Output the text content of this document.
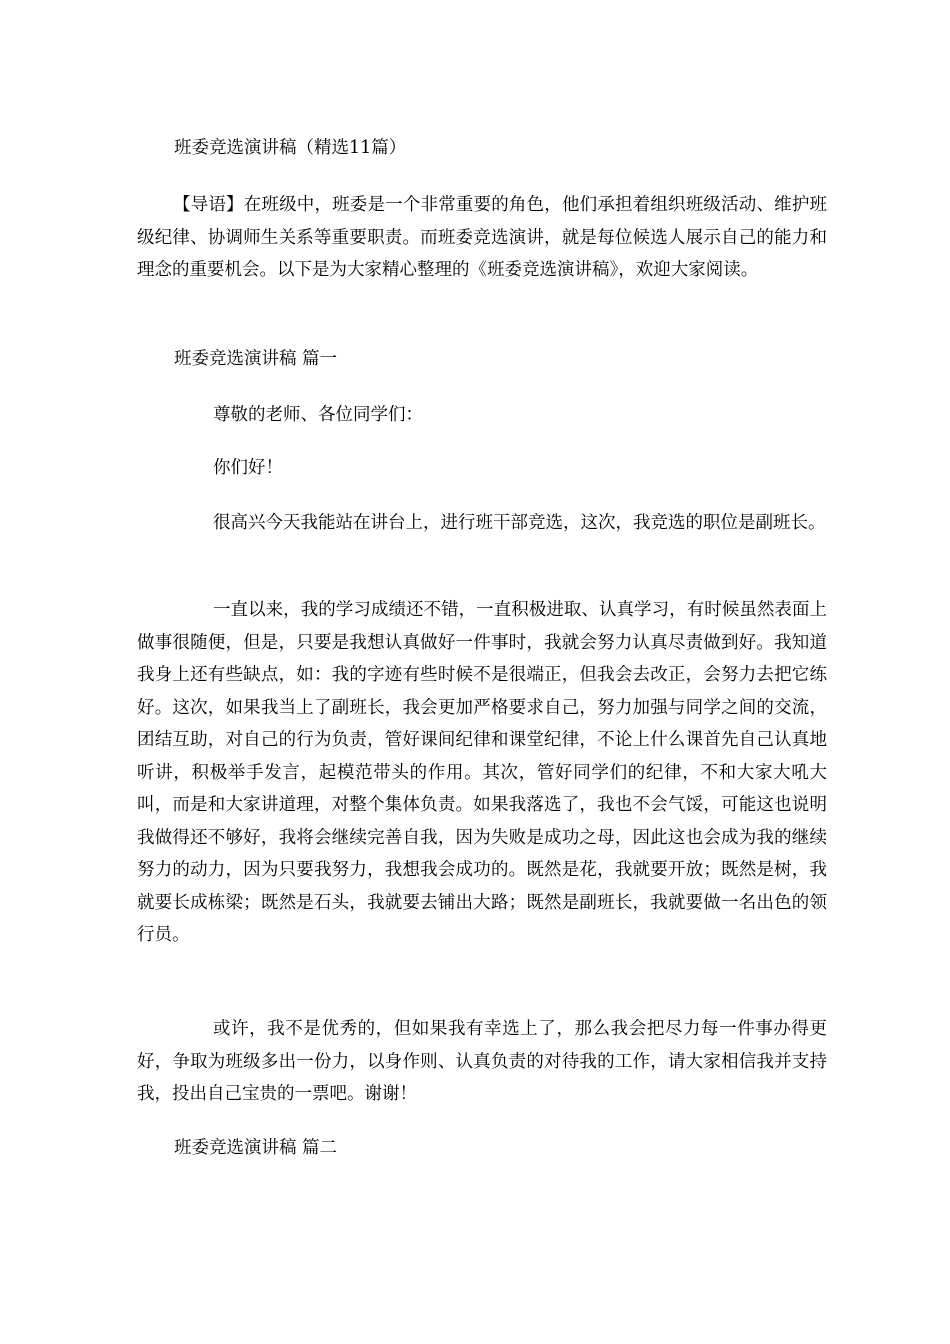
班委竞选演讲稿（精选11篇）

【导语】在班级中，班委是一个非常重要的角色，他们承担着组织班级活动、维护班级纪律、协调师生关系等重要职责。而班委竞选演讲，就是每位候选人展示自己的能力和理念的重要机会。以下是为大家精心整理的《班委竞选演讲稿》，欢迎大家阅读。

班委竞选演讲稿 篇一

尊敬的老师、各位同学们：

你们好！

很高兴今天我能站在讲台上，进行班干部竞选，这次，我竞选的职位是副班长。

一直以来，我的学习成绩还不错，一直积极进取、认真学习，有时候虽然表面上做事很随便，但是，只要是我想认真做好一件事时，我就会努力认真尽责做到好。我知道我身上还有些缺点，如：我的字迹有些时候不是很端正，但我会去改正，会努力去把它练好。这次，如果我当上了副班长，我会更加严格要求自己，努力加强与同学之间的交流，团结互助，对自己的行为负责，管好课间纪律和课堂纪律，不论上什么课首先自己认真地听讲，积极举手发言，起模范带头的作用。其次，管好同学们的纪律，不和大家大吼大叫，而是和大家讲道理，对整个集体负责。如果我落选了，我也不会气馁，可能这也说明我做得还不够好，我将会继续完善自我，因为失败是成功之母，因此这也会成为我的继续努力的动力，因为只要我努力，我想我会成功的。既然是花，我就要开放；既然是树，我就要长成栋梁；既然是石头，我就要去铺出大路；既然是副班长，我就要做一名出色的领行员。

或许，我不是优秀的，但如果我有幸选上了，那么我会把尽力每一件事办得更好，争取为班级多出一份力，以身作则、认真负责的对待我的工作，请大家相信我并支持我，投出自己宝贵的一票吧。谢谢！

班委竞选演讲稿 篇二
